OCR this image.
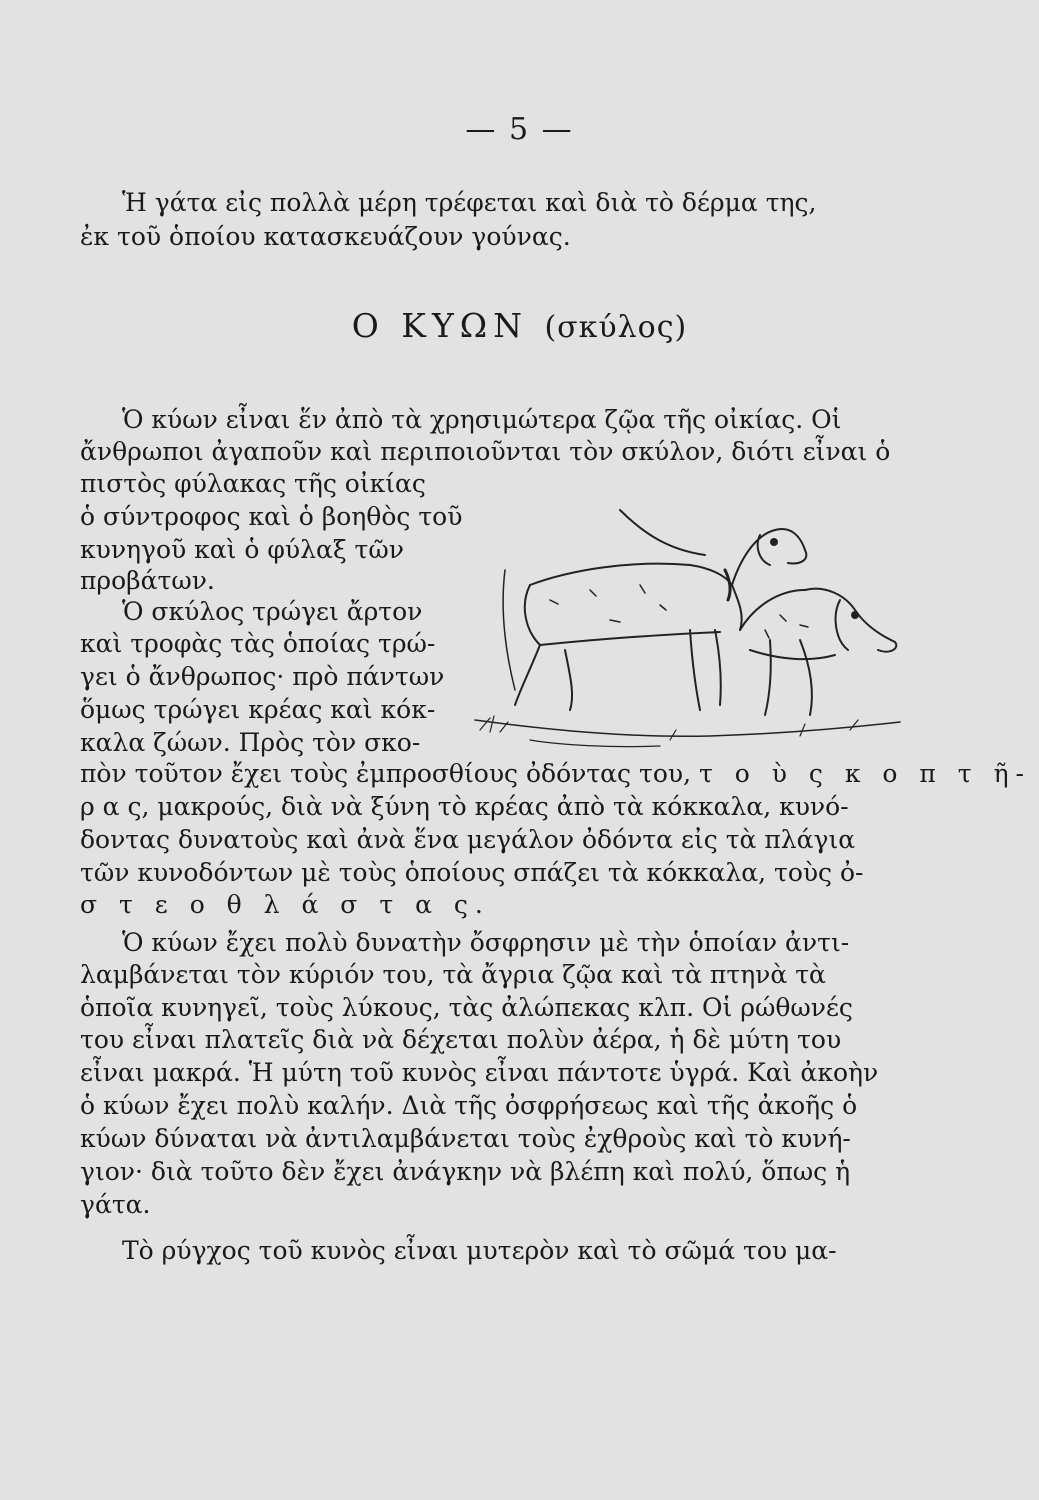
— 5 —
Ἡ γάτα εἰς πολλὰ μέρη τρέφεται καὶ διὰ τὸ δέρμα της,
ἐκ τοῦ ὁποίου κατασκευάζουν γούνας.
Ο ΚΥΩΝ (σκύλος)
Ὁ κύων εἶναι ἕν ἀπὸ τὰ χρησιμώτερα ζῷα τῆς οἰκίας. Οἱ
ἄνθρωποι ἀγαποῦν καὶ περιποιοῦνται τὸν σκύλον, διότι εἶναι ὁ
πιστὸς φύλακας τῆς οἰκίας
ὁ σύντροφος καὶ ὁ βοηθὸς τοῦ
κυνηγοῦ καὶ ὁ φύλαξ τῶν
προβάτων.
Ὁ σκύλος τρώγει ἄρτον
καὶ τροφὰς τὰς ὁποίας τρώ-
γει ὁ ἄνθρωπος· πρὸ πάντων
ὅμως τρώγει κρέας καὶ κόκ-
καλα ζώων. Πρὸς τὸν σκο-
πὸν τοῦτον ἔχει τοὺς ἐμπροσθίους ὀδόντας του, τ ο ὺ ς κ ο π τ ῆ-
ρ α ς, μακρούς, διὰ νὰ ξύνη τὸ κρέας ἀπὸ τὰ κόκκαλα, κυνό-
δοντας δυνατοὺς καὶ ἀνὰ ἕνα μεγάλον ὀδόντα εἰς τὰ πλάγια
τῶν κυνοδόντων μὲ τοὺς ὁποίους σπάζει τὰ κόκκαλα, τοὺς ὀ-
σ τ ε ο θ λ ά σ τ α ς.
Ὁ κύων ἔχει πολὺ δυνατὴν ὄσφρησιν μὲ τὴν ὁποίαν ἀντι-
λαμβάνεται τὸν κύριόν του, τὰ ἄγρια ζῷα καὶ τὰ πτηνὰ τὰ
ὁποῖα κυνηγεῖ, τοὺς λύκους, τὰς ἀλώπεκας κλπ. Οἱ ρώθωνές
του εἶναι πλατεῖς διὰ νὰ δέχεται πολὺν ἀέρα, ἡ δὲ μύτη του
εἶναι μακρά. Ἡ μύτη τοῦ κυνὸς εἶναι πάντοτε ὑγρά. Καὶ ἀκοὴν
ὁ κύων ἔχει πολὺ καλήν. Διὰ τῆς ὀσφρήσεως καὶ τῆς ἀκοῆς ὁ
κύων δύναται νὰ ἀντιλαμβάνεται τοὺς ἐχθροὺς καὶ τὸ κυνή-
γιον· διὰ τοῦτο δὲν ἔχει ἀνάγκην νὰ βλέπη καὶ πολύ, ὅπως ἡ
γάτα.
Τὸ ρύγχος τοῦ κυνὸς εἶναι μυτερὸν καὶ τὸ σῶμά του μα-
